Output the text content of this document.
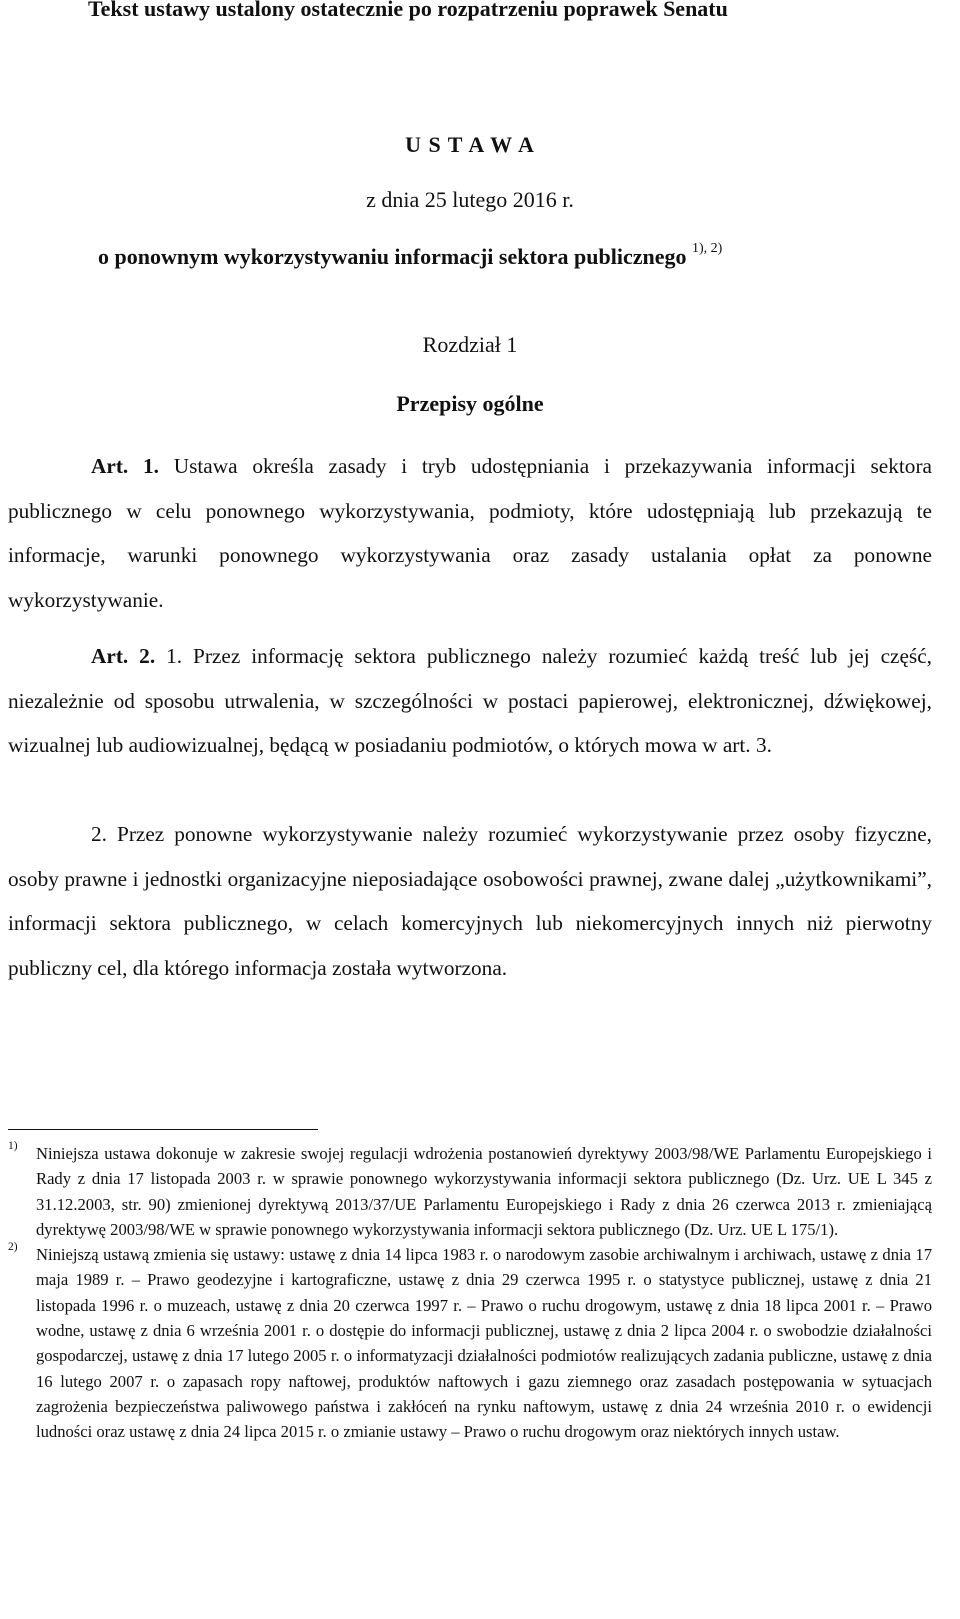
Tekst ustawy ustalony ostatecznie po rozpatrzeniu poprawek Senatu
U S T A W A
z dnia 25 lutego 2016 r.
o ponownym wykorzystywaniu informacji sektora publicznego $^{1), 2)}$
Rozdział 1
Przepisy ogólne

Art. 1. Ustawa określa zasady i tryb udostępniania i przekazywania informacji sektora publicznego w celu ponownego wykorzystywania, podmioty, które udostępniają lub przekazują te informacje, warunki ponownego wykorzystywania oraz zasady ustalania opłat za ponowne wykorzystywanie.

Art. 2. 1. Przez informację sektora publicznego należy rozumieć każdą treść lub jej część, niezależnie od sposobu utrwalenia, w szczególności w postaci papierowej, elektronicznej, dźwiękowej, wizualnej lub audiowizualnej, będącą w posiadaniu podmiotów, o których mowa w art. 3.

2. Przez ponowne wykorzystywanie należy rozumieć wykorzystywanie przez osoby fizyczne, osoby prawne i jednostki organizacyjne nieposiadające osobowości prawnej, zwane dalej „użytkownikami”, informacji sektora publicznego, w celach komercyjnych lub niekomercyjnych innych niż pierwotny publiczny cel, dla którego informacja została wytworzona.

1) Niniejsza ustawa dokonuje w zakresie swojej regulacji wdrożenia postanowień dyrektywy 2003/98/WE Parlamentu Europejskiego i Rady z dnia 17 listopada 2003 r. w sprawie ponownego wykorzystywania informacji sektora publicznego (Dz. Urz. UE L 345 z 31.12.2003, str. 90) zmienionej dyrektywą 2013/37/UE Parlamentu Europejskiego i Rady z dnia 26 czerwca 2013 r. zmieniającą dyrektywę 2003/98/WE w sprawie ponownego wykorzystywania informacji sektora publicznego (Dz. Urz. UE L 175/1).
2) Niniejszą ustawą zmienia się ustawy: ustawę z dnia 14 lipca 1983 r. o narodowym zasobie archiwalnym i archiwach, ustawę z dnia 17 maja 1989 r. – Prawo geodezyjne i kartograficzne, ustawę z dnia 29 czerwca 1995 r. o statystyce publicznej, ustawę z dnia 21 listopada 1996 r. o muzeach, ustawę z dnia 20 czerwca 1997 r. – Prawo o ruchu drogowym, ustawę z dnia 18 lipca 2001 r. – Prawo wodne, ustawę z dnia 6 września 2001 r. o dostępie do informacji publicznej, ustawę z dnia 2 lipca 2004 r. o swobodzie działalności gospodarczej, ustawę z dnia 17 lutego 2005 r. o informatyzacji działalności podmiotów realizujących zadania publiczne, ustawę z dnia 16 lutego 2007 r. o zapasach ropy naftowej, produktów naftowych i gazu ziemnego oraz zasadach postępowania w sytuacjach zagrożenia bezpieczeństwa paliwowego państwa i zakłóceń na rynku naftowym, ustawę z dnia 24 września 2010 r. o ewidencji ludności oraz ustawę z dnia 24 lipca 2015 r. o zmianie ustawy – Prawo o ruchu drogowym oraz niektórych innych ustaw.
